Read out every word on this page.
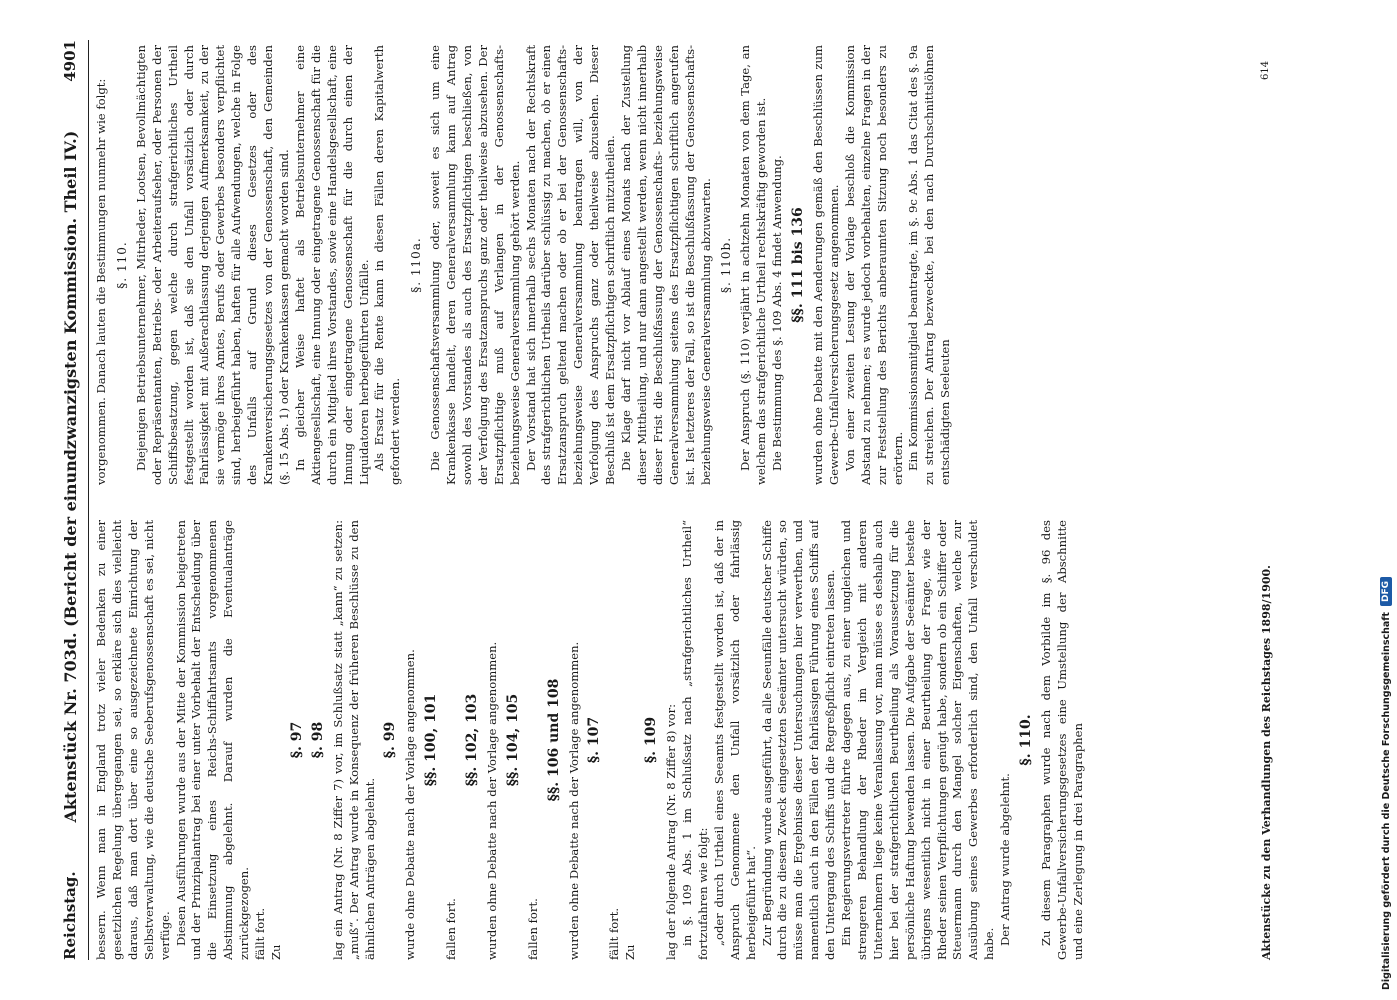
Reichstag.
Aktenstück Nr. 703d. (Bericht der einundzwanzigsten Kommission. Theil IV.)
4901

bessern. Wenn man in England trotz vieler Bedenken zu einer gesetzlichen Regelung übergegangen sei, so erkläre sich dies vielleicht daraus, daß man dort über eine so ausgezeichnete Einrichtung der Selbstverwaltung, wie die deutsche Seeberufsgenossenschaft es sei, nicht verfüge. Diesen Ausführungen wurde aus der Mitte der Kommission beigetreten und der Prinzipalantrag bei einer unter Vorbehalt der Entscheidung über die Einsetzung eines Reichs-Schiffahrtsamts vorgenommenen Abstimmung abgelehnt. Darauf wurden die Eventualanträge zurückgezogen. fällt fort. Zu

§. 97 §. 98 lag ein Antrag (Nr. 8 Ziffer 7) vor, im Schlußsatz statt „kann“ zu setzen: „muß“. Der Antrag wurde in Konsequenz der früheren Beschlüsse zu den ähnlichen Anträgen abgelehnt.

§. 99 wurde ohne Debatte nach der Vorlage angenommen. §§. 100, 101

fallen fort.

§§. 102, 103 wurden ohne Debatte nach der Vorlage angenommen. §§. 104, 105

fallen fort.

§§. 106 und 108 wurden ohne Debatte nach der Vorlage angenommen. §. 107

fällt fort. Zu

§. 109 lag der folgende Antrag (Nr. 8 Ziffer 8) vor: in §. 109 Abs. 1 im Schlußsatz nach „strafgerichtliches Urtheil“ fortzufahren wie folgt: „oder durch Urtheil eines Seeamts festgestellt worden ist, daß der in Anspruch Genommene den Unfall vorsätzlich oder fahrlässig herbeigeführt hat“. Zur Begründung wurde ausgeführt, da alle Seeunfälle deutscher Schiffe durch die zu diesem Zweck eingesetzten Seeämter untersucht würden, so müsse man die Ergebnisse dieser Untersuchungen hier verwerthen, und namentlich auch in den Fällen der fahrlässigen Führung eines Schiffs auf den Untergang des Schiffs und die Regreßpflicht eintreten lassen. Ein Regierungsvertreter führte dagegen aus, zu einer ungleichen und strengeren Behandlung der Rheder im Vergleich mit anderen Unternehmern liege keine Veranlassung vor, man müsse es deshalb auch hier bei der strafgerichtlichen Beurtheilung als Voraussetzung für die persönliche Haftung bewenden lassen. Die Aufgabe der Seeämter bestehe übrigens wesentlich nicht in einer Beurtheilung der Frage, wie der Rheder seinen Verpflichtungen genügt habe, sondern ob ein Schiffer oder Steuermann durch den Mangel solcher Eigenschaften, welche zur Ausübung seines Gewerbes erforderlich sind, den Unfall verschuldet habe. Der Antrag wurde abgelehnt.

§. 110. Zu diesem Paragraphen wurde nach dem Vorbilde im §. 96 des Gewerbe-Unfallversicherungsgesetzes eine Umstellung der Abschnitte und eine Zerlegung in drei Paragraphen

vorgenommen. Danach lauten die Bestimmungen nunmehr wie folgt: §. 110. Diejenigen Betriebsunternehmer, Mitrheder, Lootsen, Bevollmächtigten oder Repräsentanten, Betriebs- oder Arbeiteraufseher, oder Personen der Schiffsbesatzung, gegen welche durch strafgerichtliches Urtheil festgestellt worden ist, daß sie den Unfall vorsätzlich oder durch Fahrlässigkeit mit Außerachtlassung derjenigen Aufmerksamkeit, zu der sie vermöge ihres Amtes, Berufs oder Gewerbes besonders verpflichtet sind, herbeigeführt haben, haften für alle Aufwendungen, welche in Folge des Unfalls auf Grund dieses Gesetzes oder des Krankenversicherungsgesetzes von der Genossenschaft, den Gemeinden (§. 15 Abs. 1) oder Krankenkassen gemacht worden sind. In gleicher Weise haftet als Betriebsunternehmer eine Aktiengesellschaft, eine Innung oder eingetragene Genossenschaft für die durch ein Mitglied ihres Vorstandes, sowie eine Handelsgesellschaft, eine Innung oder eingetragene Genossenschaft für die durch einen der Liquidatoren herbeigeführten Unfälle. Als Ersatz für die Rente kann in diesen Fällen deren Kapitalwerth gefordert werden.

§. 110a. Die Genossenschaftsversammlung oder, soweit es sich um eine Krankenkasse handelt, deren Generalversammlung kann auf Antrag sowohl des Vorstandes als auch des Ersatzpflichtigen beschließen, von der Verfolgung des Ersatzanspruchs ganz oder theilweise abzusehen. Der Ersatzpflichtige muß auf Verlangen in der Genossenschafts- beziehungsweise Generalversammlung gehört werden. Der Vorstand hat sich innerhalb sechs Monaten nach der Rechtskraft des strafgerichtlichen Urtheils darüber schlüssig zu machen, ob er einen Ersatzanspruch geltend machen oder ob er bei der Genossenschafts- beziehungsweise Generalversammlung beantragen will, von der Verfolgung des Anspruchs ganz oder theilweise abzusehen. Dieser Beschluß ist dem Ersatzpflichtigen schriftlich mitzutheilen. Die Klage darf nicht vor Ablauf eines Monats nach der Zustellung dieser Mittheilung, und nur dann angestellt werden, wenn nicht innerhalb dieser Frist die Beschlußfassung der Genossenschafts- beziehungsweise Generalversammlung seitens des Ersatzpflichtigen schriftlich angerufen ist. Ist letzteres der Fall, so ist die Beschlußfassung der Genossenschafts- beziehungsweise Generalversammlung abzuwarten. §. 110b. Der Anspruch (§. 110) verjährt in achtzehn Monaten von dem Tage, an welchem das strafgerichtliche Urtheil rechtskräftig geworden ist. Die Bestimmung des §. 109 Abs. 4 findet Anwendung. §§. 111 bis 136 wurden ohne Debatte mit den Aenderungen gemäß den Beschlüssen zum Gewerbe-Unfallversicherungsgesetz angenommen. Von einer zweiten Lesung der Vorlage beschloß die Kommission Abstand zu nehmen; es wurde jedoch vorbehalten, einzelne Fragen in der zur Feststellung des Berichts anberaumten Sitzung noch besonders zu erörtern. Ein Kommissionsmitglied beantragte, im §. 9c Abs. 1 das Citat des §. 9a zu streichen. Der Antrag bezweckte, bei den nach Durchschnittslöhnen entschädigten Seeleuten

Aktenstücke zu den Verhandlungen des Reichstages 1898/1900.
614
Digitalisierung gefördert durch die Deutsche Forschungsgemeinschaft
DFG
